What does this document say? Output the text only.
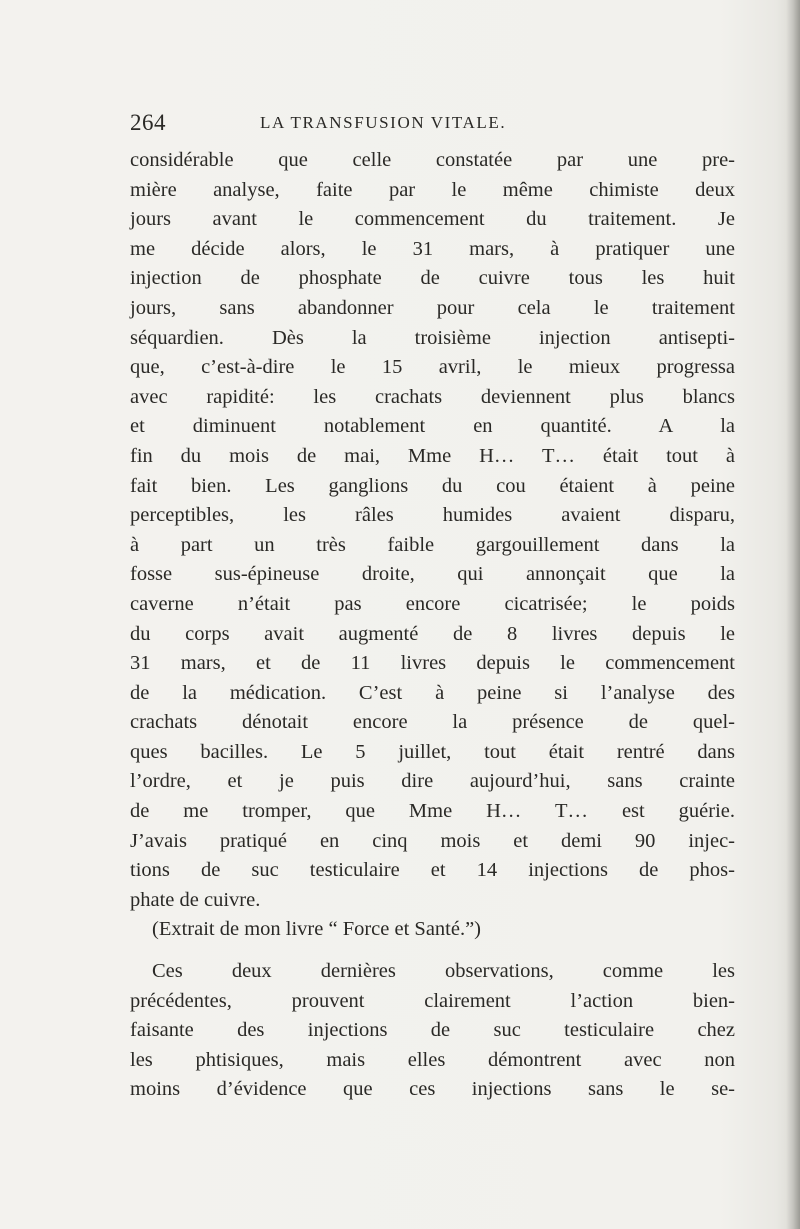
264	LA TRANSFUSION VITALE.
considérable que celle constatée par une pre-
mière analyse, faite par le même chimiste deux
jours avant le commencement du traitement. Je
me décide alors, le 31 mars, à pratiquer une
injection de phosphate de cuivre tous les huit
jours, sans abandonner pour cela le traitement
séquardien. Dès la troisième injection antisepti-
que, c’est-à-dire le 15 avril, le mieux progressa
avec rapidité: les crachats deviennent plus blancs
et diminuent notablement en quantité. A la
fin du mois de mai, Mme H… T… était tout à
fait bien. Les ganglions du cou étaient à peine
perceptibles, les râles humides avaient disparu,
à part un très faible gargouillement dans la
fosse sus-épineuse droite, qui annonçait que la
caverne n’était pas encore cicatrisée; le poids
du corps avait augmenté de 8 livres depuis le
31 mars, et de 11 livres depuis le commencement
de la médication. C’est à peine si l’analyse des
crachats dénotait encore la présence de quel-
ques bacilles. Le 5 juillet, tout était rentré dans
l’ordre, et je puis dire aujourd’hui, sans crainte
de me tromper, que Mme H… T… est guérie.
J’avais pratiqué en cinq mois et demi 90 injec-
tions de suc testiculaire et 14 injections de phos-
phate de cuivre.
(Extrait de mon livre “ Force et Santé.”)
Ces deux dernières observations, comme les
précédentes, prouvent clairement l’action bien-
faisante des injections de suc testiculaire chez
les phtisiques, mais elles démontrent avec non
moins d’évidence que ces injections sans le se-
